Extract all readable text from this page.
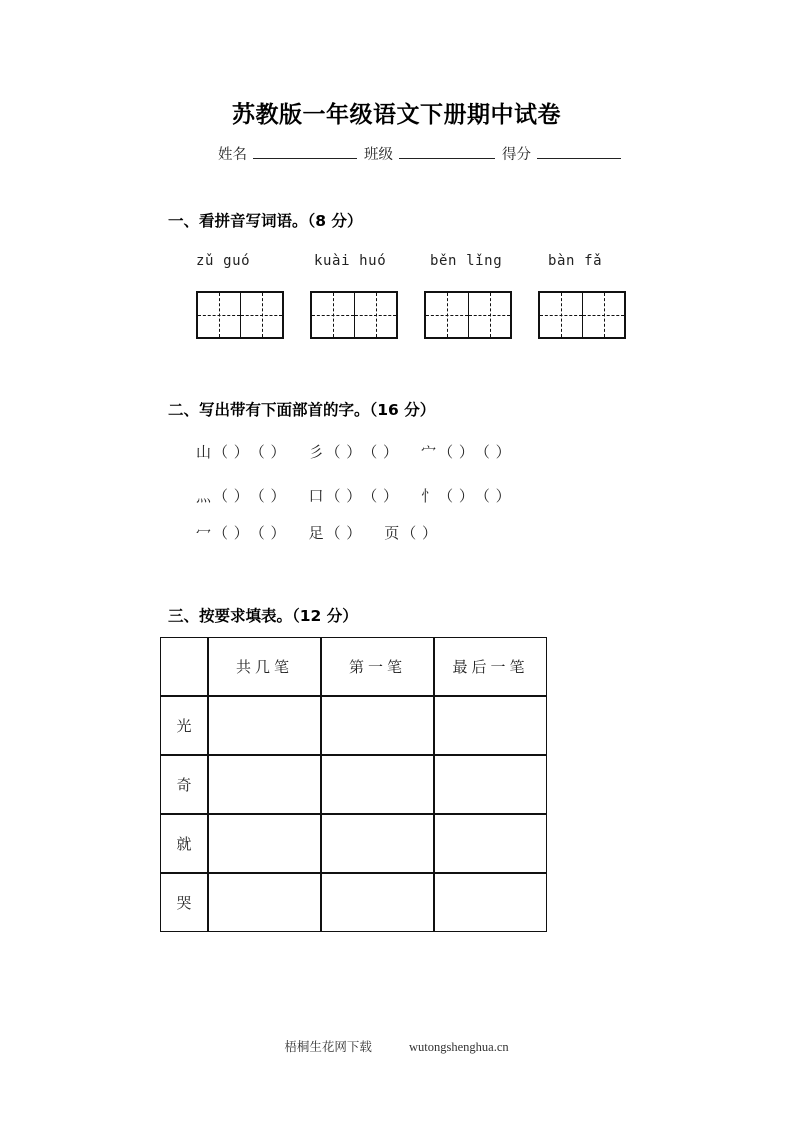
苏教版一年级语文下册期中试卷
姓名	班级	得分
一、看拼音写词语。（8 分）
zǔ guó	kuài huó	běn lǐng	bàn fǎ
二、写出带有下面部首的字。（16 分）
山（ ）（ ） 彡（ ）（ ） 宀（ ）（ ）
灬（ ）（ ） 口（ ）（ ） 忄（ ）（ ）
冖（ ）（ ） 足（ ） 页（ ）
三、按要求填表。（12 分）
	共几笔	第一笔	最后一笔
光			
奇			
就			
哭			
梧桐生花网下载	wutongshenghua.cn
